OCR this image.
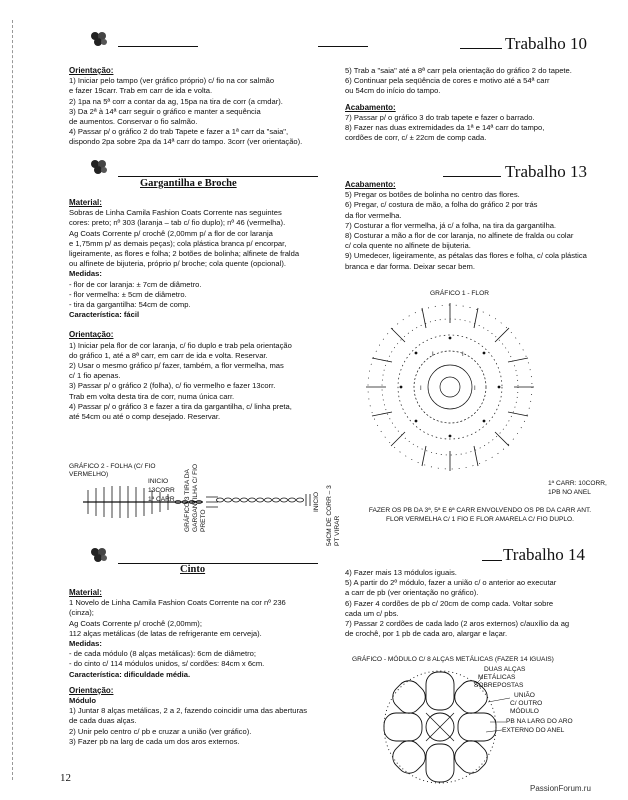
Trabalho 10

Orientação:

1) Iniciar pelo tampo (ver gráfico próprio) c/ fio na cor salmão

e fazer 19carr. Trab em carr de ida e volta.

2) 1pa na 5ª corr a contar da ag, 15pa na tira de corr (a cmdar).

3) Da 2ª à 14ª carr seguir o gráfico e manter a sequência

de aumentos. Conservar o fio salmão.

4) Passar p/ o gráfico 2 do trab Tapete e fazer a 1ª carr da "saia",

dispondo 2pa sobre 2pa da 14ª carr do tampo. 3corr (ver orientação).

5) Trab a "saia" até a 8ª carr pela orientação do gráfico 2 do tapete.

6) Continuar pela seqüência de cores e motivo até a 54ª carr

ou 54cm do início do tampo.

Acabamento:

7) Passar p/ o gráfico 3 do trab tapete e fazer o barrado.

8) Fazer nas duas extremidades da 1ª e 14ª carr do tampo,

cordões de corr, c/ ± 22cm de comp cada.

Trabalho 13
Gargantilha e Broche

Material:

Sobras de Linha Camila Fashion Coats Corrente nas seguintes

cores: preto; nº 303 (laranja – tab c/ fio duplo); nº 46 (vermelha).

Ag Coats Corrente p/ crochê (2,00mm p/ a flor de cor laranja

e 1,75mm p/ as demais peças); cola plástica branca p/ encorpar,

ligeiramente, as flores e folha; 2 botões de bolinha; alfinete de fralda

ou alfinete de bijuteria, próprio p/ broche; cola quente (opcional).

Medidas:

- flor de cor laranja: ± 7cm de diâmetro.

- flor vermelha: ± 5cm de diâmetro.

- tira da gargantilha: 54cm de comp.

Característica: fácil

Orientação:

1) Iniciar pela flor de cor laranja, c/ fio duplo e trab pela orientação

do gráfico 1, até a 8ª carr, em carr de ida e volta. Reservar.

2) Usar o mesmo gráfico p/ fazer, também, a flor vermelha, mas

c/ 1 fio apenas.

3) Passar p/ o gráfico 2 (folha), c/ fio vermelho e fazer 13corr.

Trab em volta desta tira de corr, numa única carr.

4) Passar p/ o gráfico 3 e fazer a tira da gargantilha, c/ linha preta,

até 54cm ou até o comp desejado. Reservar.

GRÁFICO 2 - FOLHA (C/ FIO VERMELHO)
INICIO
13CORR
1ª CARR GRÁFICO 3 TIRA DA GARGANTILHA C/ FIO PRETO
INICIO 54CM DE CORR – 3 PT VIRAR

Acabamento:

5) Pregar os botões de bolinha no centro das flores.

6) Pregar, c/ costura de mão, a folha do gráfico 2 por trás

da flor vermelha.

7) Costurar a flor vermelha, já c/ a folha, na tira da gargantilha.

8) Costurar a mão a flor de cor laranja, no alfinete de fralda ou colar

c/ cola quente no alfinete de bijuteria.

9) Umedecer, ligeiramente, as pétalas das flores e folha, c/ cola plástica

branca e dar forma. Deixar secar bem.

GRÁFICO 1 - FLOR
I	I
I	I
1ª CARR: 10CORR,
1PB NO ANEL
FAZER OS PB DA 3ª, 5ª E 6ª CARR ENVOLVENDO OS PB DA CARR ANT.
FLOR VERMELHA C/ 1 FIO E FLOR AMARELA C/ FIO DUPLO.
Trabalho 14
Cinto

Material:

1 Novelo de Linha Camila Fashion Coats Corrente na cor nº 236

(cinza);

Ag Coats Corrente p/ crochê (2,00mm);

112 alças metálicas (de latas de refrigerante em cerveja).

Medidas:

- de cada módulo (8 alças metálicas): 6cm de diâmetro;

- do cinto c/ 114 módulos unidos, s/ cordões: 84cm x 6cm.

Característica: dificuldade média.

Orientação:

Módulo

1) Juntar 8 alças metálicas, 2 a 2, fazendo coincidir uma das aberturas

de cada duas alças.

2) Unir pelo centro c/ pb e cruzar a união (ver gráfico).

3) Fazer pb na larg de cada um dos aros externos.

4) Fazer mais 13 módulos iguais.

5) A partir do 2º módulo, fazer a união c/ o anterior ao executar

a carr de pb (ver orientação no gráfico).

6) Fazer 4 cordões de pb c/ 20cm de comp cada. Voltar sobre

cada um c/ pbs.

7) Passar 2 cordões de cada lado (2 aros externos) c/auxílio da ag

de crochê, por 1 pb de cada aro, alargar e laçar.

GRÁFICO - MÓDULO C/ 8 ALÇAS METÁLICAS (FAZER 14 IGUAIS)
DUAS ALÇAS
METÁLICAS
SOBREPOSTAS
UNIÃO
C/ OUTRO
MÓDULO
PB NA LARG DO ARO
EXTERNO DO ANEL
12
PassionForum.ru
